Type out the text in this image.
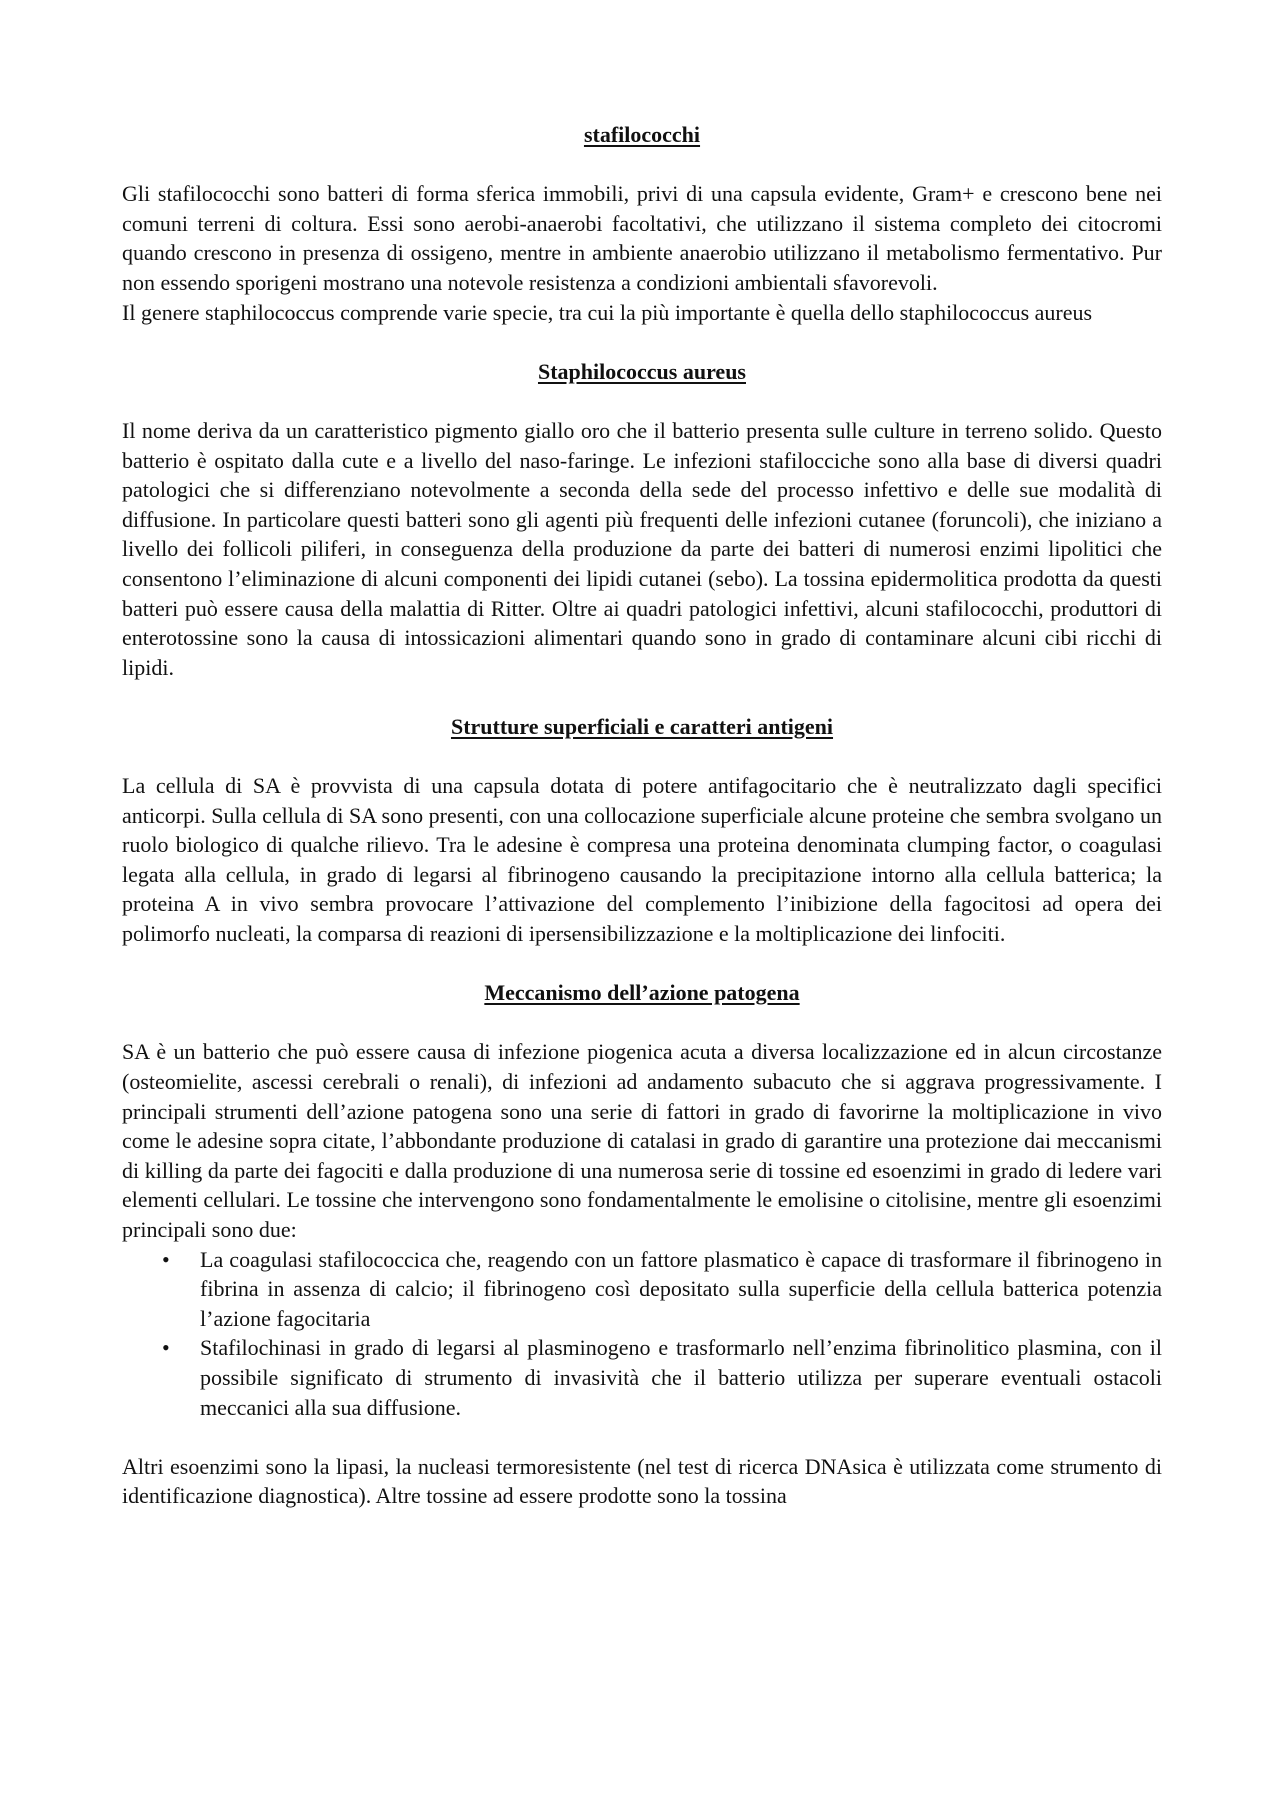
stafilococchi

Gli stafilococchi sono batteri di forma sferica immobili, privi di una capsula evidente, Gram+ e crescono bene nei comuni terreni di coltura. Essi sono aerobi-anaerobi facoltativi, che utilizzano il sistema completo dei citocromi quando crescono in presenza di ossigeno, mentre in ambiente anaerobio utilizzano il metabolismo fermentativo. Pur non essendo sporigeni mostrano una notevole resistenza a condizioni ambientali sfavorevoli.

Il genere staphilococcus comprende varie specie, tra cui la più importante è quella dello staphilococcus aureus

Staphilococcus aureus

Il nome deriva da un caratteristico pigmento giallo oro che il batterio presenta sulle culture in terreno solido. Questo batterio è ospitato dalla cute e a livello del naso-faringe. Le infezioni stafilocciche sono alla base di diversi quadri patologici che si differenziano notevolmente a seconda della sede del processo infettivo e delle sue modalità di diffusione. In particolare questi batteri sono gli agenti più frequenti delle infezioni cutanee (foruncoli), che iniziano a livello dei follicoli piliferi, in conseguenza della produzione da parte dei batteri di numerosi enzimi lipolitici che consentono l’eliminazione di alcuni componenti dei lipidi cutanei (sebo). La tossina epidermolitica prodotta da questi batteri può essere causa della malattia di Ritter. Oltre ai quadri patologici infettivi, alcuni stafilococchi, produttori di enterotossine sono la causa di intossicazioni alimentari quando sono in grado di contaminare alcuni cibi ricchi di lipidi.

Strutture superficiali e caratteri antigeni

La cellula di SA è provvista di una capsula dotata di potere antifagocitario che è neutralizzato dagli specifici anticorpi. Sulla cellula di SA sono presenti, con una collocazione superficiale alcune proteine che sembra svolgano un ruolo biologico di qualche rilievo. Tra le adesine è compresa una proteina denominata clumping factor, o coagulasi legata alla cellula, in grado di legarsi al fibrinogeno causando la precipitazione intorno alla cellula batterica; la proteina A in vivo sembra provocare l’attivazione del complemento l’inibizione della fagocitosi ad opera dei polimorfo nucleati, la comparsa di reazioni di ipersensibilizzazione e la moltiplicazione dei linfociti.

Meccanismo dell’azione patogena

SA è un batterio che può essere causa di infezione piogenica acuta a diversa localizzazione ed in alcun circostanze (osteomielite, ascessi cerebrali o renali), di infezioni ad andamento subacuto che si aggrava progressivamente. I principali strumenti dell’azione patogena sono una serie di fattori in grado di favorirne la moltiplicazione in vivo come le adesine sopra citate, l’abbondante produzione di catalasi in grado di garantire una protezione dai meccanismi di killing da parte dei fagociti e dalla produzione di una numerosa serie di tossine ed esoenzimi in grado di ledere vari elementi cellulari. Le tossine che intervengono sono fondamentalmente le emolisine o citolisine, mentre gli esoenzimi principali sono due:

• La coagulasi stafilococcica che, reagendo con un fattore plasmatico è capace di trasformare il fibrinogeno in fibrina in assenza di calcio; il fibrinogeno così depositato sulla superficie della cellula batterica potenzia l’azione fagocitaria
• Stafilochinasi in grado di legarsi al plasminogeno e trasformarlo nell’enzima fibrinolitico plasmina, con il possibile significato di strumento di invasività che il batterio utilizza per superare eventuali ostacoli meccanici alla sua diffusione.

Altri esoenzimi sono la lipasi, la nucleasi termoresistente (nel test di ricerca DNAsica è utilizzata come strumento di identificazione diagnostica). Altre tossine ad essere prodotte sono la tossina
